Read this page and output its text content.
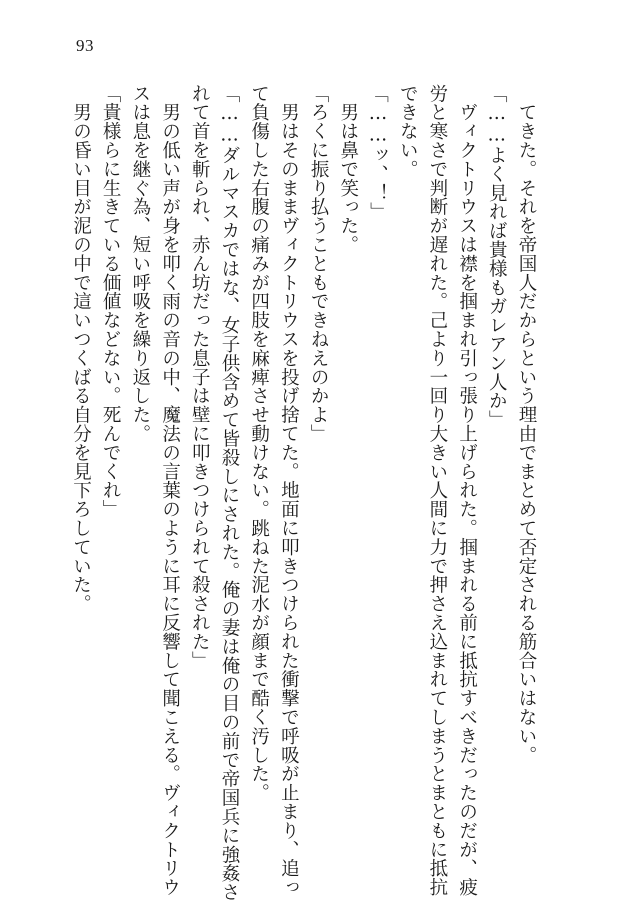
93
　てきた。それを帝国人だからという理由でまとめて否定される筋合いはない。
「……よく見れば貴様もガレアン人か」
　ヴィクトリウスは襟を掴まれ引っ張り上げられた。掴まれる前に抵抗すべきだったのだが、疲
労と寒さで判断が遅れた。己より一回り大きい人間に力で押さえ込まれてしまうとまともに抵抗
できない。
「……ッ、！」
　男は鼻で笑った。
「ろくに振り払うこともできねえのかよ」
　男はそのままヴィクトリウスを投げ捨てた。地面に叩きつけられた衝撃で呼吸が止まり、追っ
て負傷した右腹の痛みが四肢を麻痺させ動けない。跳ねた泥水が顔まで酷く汚した。
「……ダルマスカではな、女子供含めて皆殺しにされた。俺の妻は俺の目の前で帝国兵に強姦さ
れて首を斬られ、赤ん坊だった息子は壁に叩きつけられて殺された」
　男の低い声が身を叩く雨の音の中、魔法の言葉のように耳に反響して聞こえる。ヴィクトリウ
スは息を継ぐ為、短い呼吸を繰り返した。
「貴様らに生きている価値などない。死んでくれ」
　男の昏い目が泥の中で這いつくばる自分を見下ろしていた。
